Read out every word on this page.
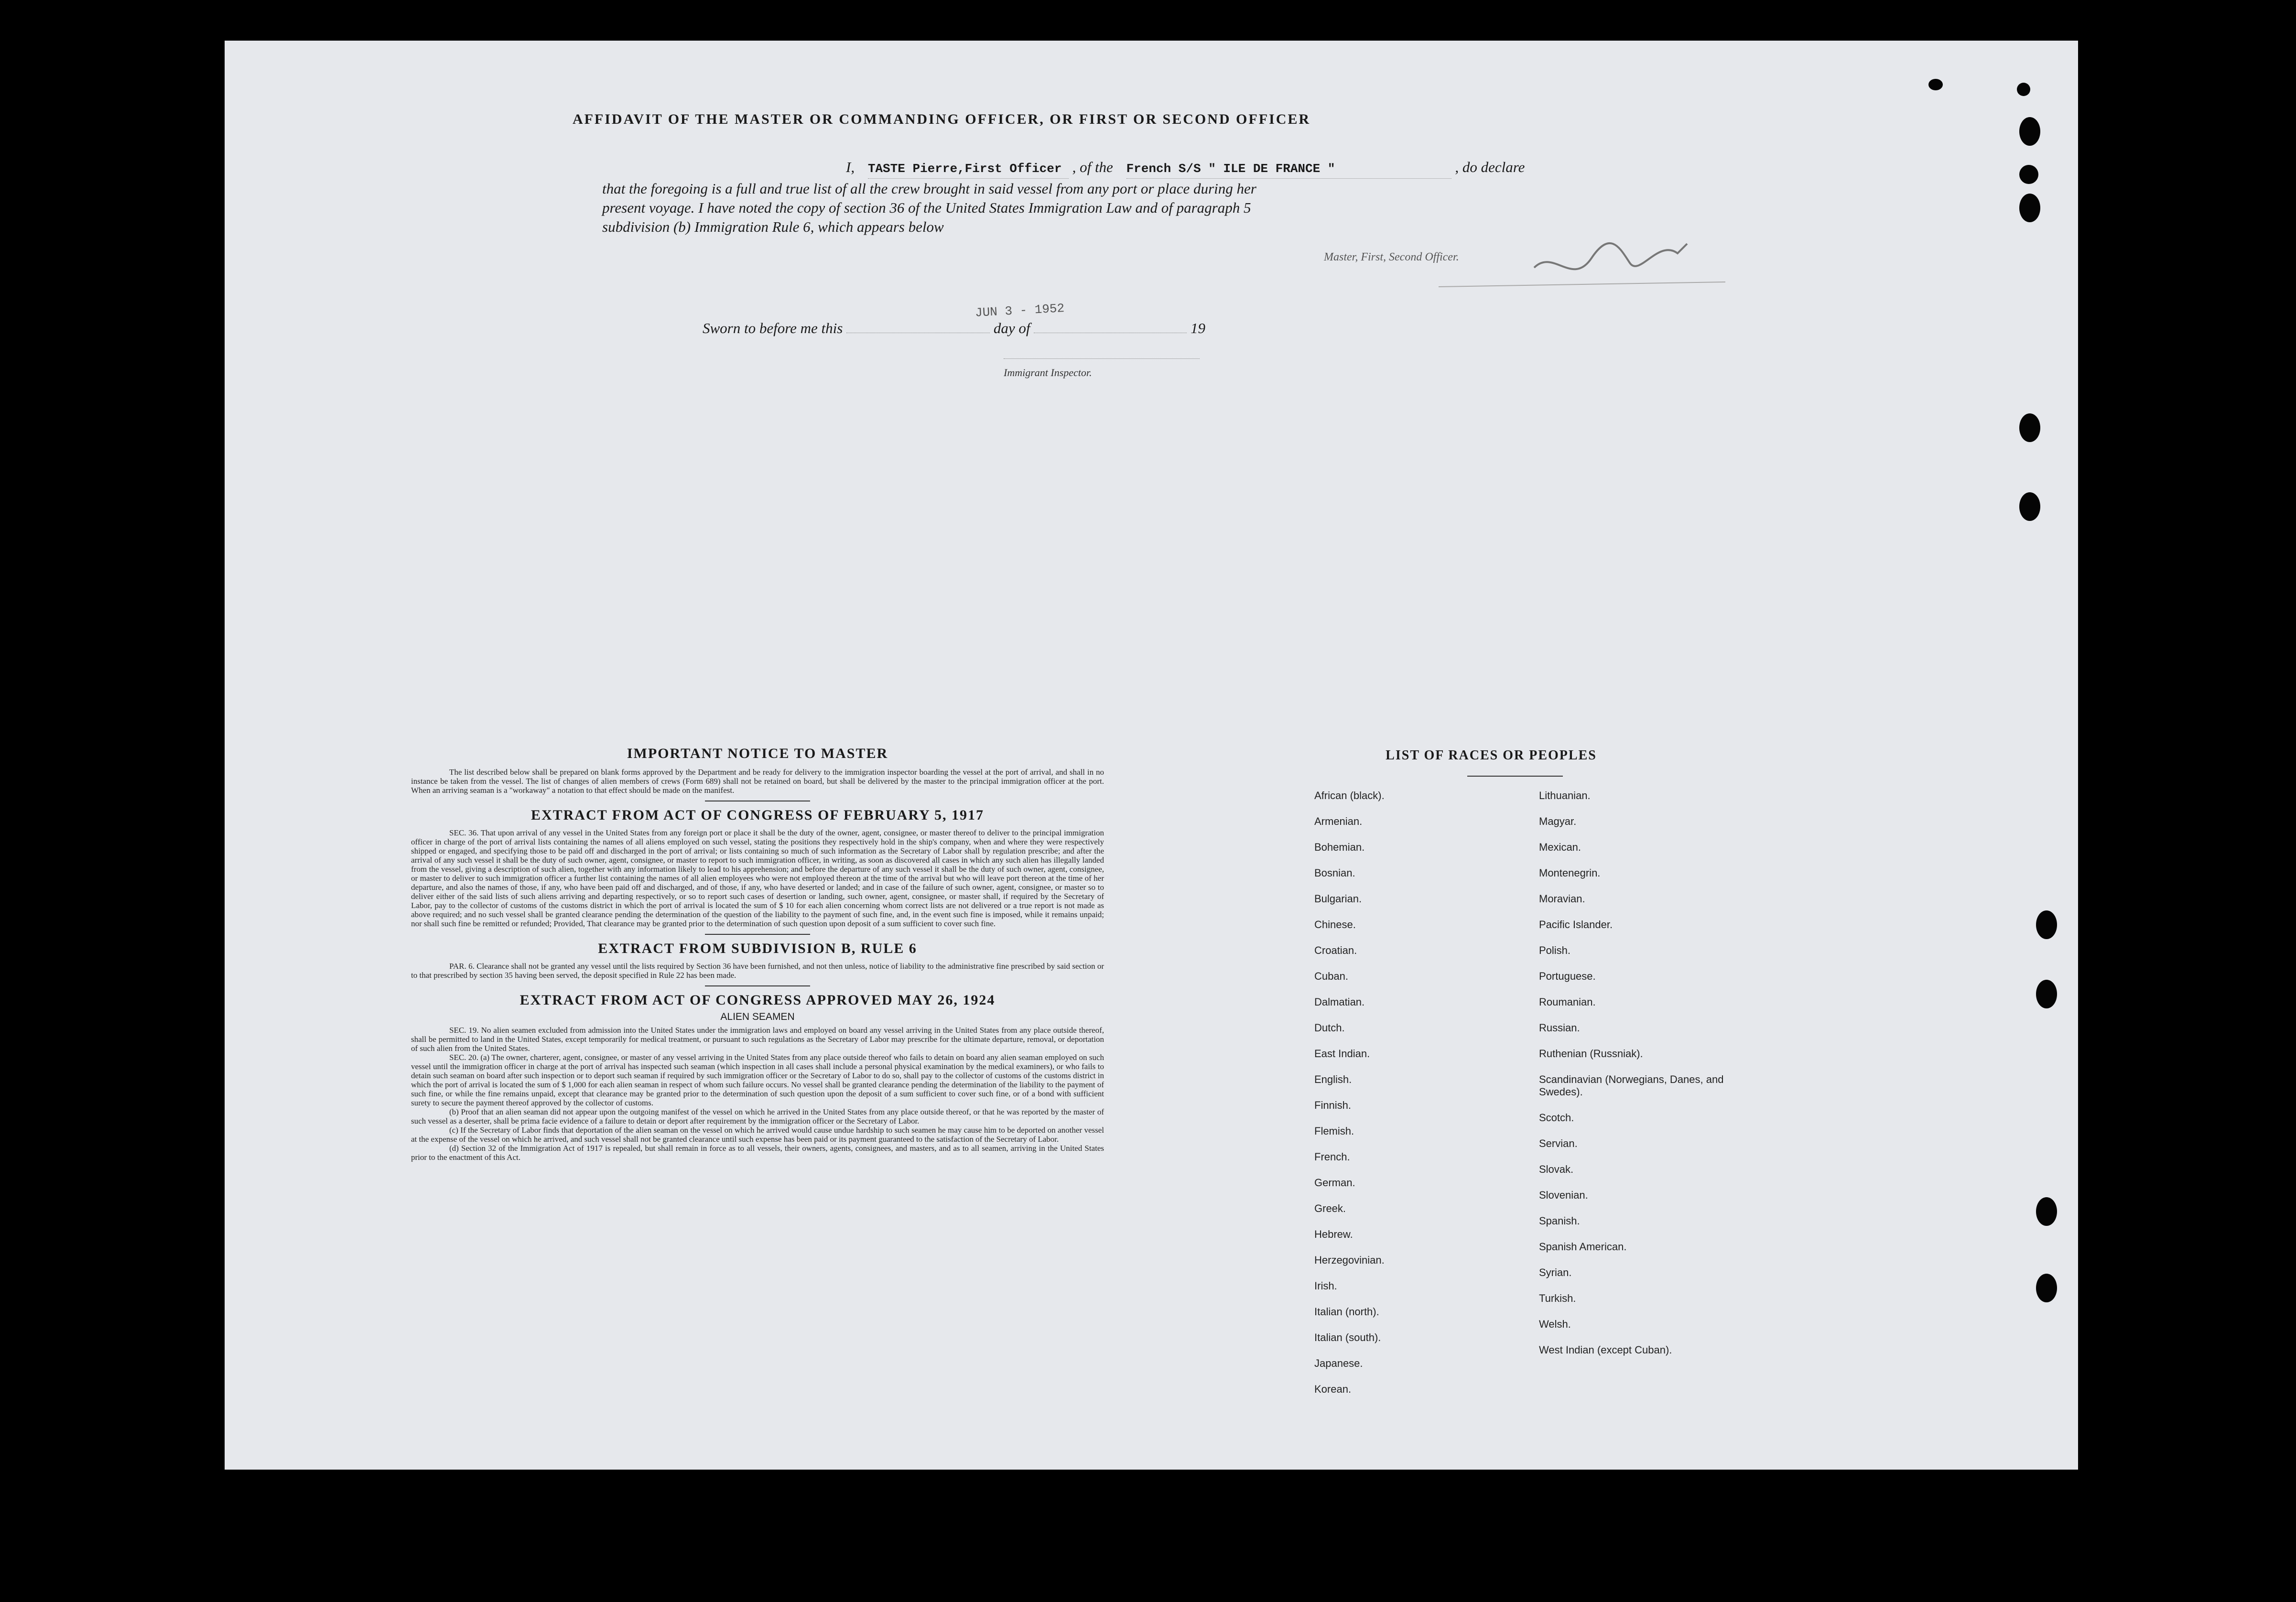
AFFIDAVIT OF THE MASTER OR COMMANDING OFFICER, OR FIRST OR SECOND OFFICER
I, TASTE Pierre,First Officer , of the French S/S " ILE DE FRANCE "	, do declare
that the foregoing is a full and true list of all the crew brought in said vessel from any port or place during her
present voyage. I have noted the copy of section 36 of the United States Immigration Law and of paragraph 5
subdivision (b) Immigration Rule 6, which appears below
Master, First, Second Officer.
Sworn to before me this	day of	19
JUN 3 - 1952
Immigrant Inspector.
IMPORTANT NOTICE TO MASTER
The list described below shall be prepared on blank forms approved by the Department and be ready for delivery to the immigration inspector boarding the vessel at the port of arrival, and shall in no instance be taken from the vessel. The list of changes of alien members of crews (Form 689) shall not be retained on board, but shall be delivered by the master to the principal immigration officer at the port. When an arriving seaman is a "workaway" a notation to that effect should be made on the manifest.
EXTRACT FROM ACT OF CONGRESS OF FEBRUARY 5, 1917
SEC. 36. That upon arrival of any vessel in the United States from any foreign port or place it shall be the duty of the owner, agent, consignee, or master thereof to deliver to the principal immigration officer in charge of the port of arrival lists containing the names of all aliens employed on such vessel, stating the positions they respectively hold in the ship's company, when and where they were respectively shipped or engaged, and specifying those to be paid off and discharged in the port of arrival; or lists containing so much of such information as the Secretary of Labor shall by regulation prescribe; and after the arrival of any such vessel it shall be the duty of such owner, agent, consignee, or master to report to such immigration officer, in writing, as soon as discovered all cases in which any such alien has illegally landed from the vessel, giving a description of such alien, together with any information likely to lead to his apprehension; and before the departure of any such vessel it shall be the duty of such owner, agent, consignee, or master to deliver to such immigration officer a further list containing the names of all alien employees who were not employed thereon at the time of the arrival but who will leave port thereon at the time of her departure, and also the names of those, if any, who have been paid off and discharged, and of those, if any, who have deserted or landed; and in case of the failure of such owner, agent, consignee, or master so to deliver either of the said lists of such aliens arriving and departing respectively, or so to report such cases of desertion or landing, such owner, agent, consignee, or master shall, if required by the Secretary of Labor, pay to the collector of customs of the customs district in which the port of arrival is located the sum of $ 10 for each alien concerning whom correct lists are not delivered or a true report is not made as above required; and no such vessel shall be granted clearance pending the determination of the question of the liability to the payment of such fine, and, in the event such fine is imposed, while it remains unpaid; nor shall such fine be remitted or refunded; Provided, That clearance may be granted prior to the determination of such question upon deposit of a sum sufficient to cover such fine.
EXTRACT FROM SUBDIVISION B, RULE 6
PAR. 6. Clearance shall not be granted any vessel until the lists required by Section 36 have been furnished, and not then unless, notice of liability to the administrative fine prescribed by said section or to that prescribed by section 35 having been served, the deposit specified in Rule 22 has been made.
EXTRACT FROM ACT OF CONGRESS APPROVED MAY 26, 1924
ALIEN SEAMEN
SEC. 19. No alien seamen excluded from admission into the United States under the immigration laws and employed on board any vessel arriving in the United States from any place outside thereof, shall be permitted to land in the United States, except temporarily for medical treatment, or pursuant to such regulations as the Secretary of Labor may prescribe for the ultimate departure, removal, or deportation of such alien from the United States.
SEC. 20. (a) The owner, charterer, agent, consignee, or master of any vessel arriving in the United States from any place outside thereof who fails to detain on board any alien seaman employed on such vessel until the immigration officer in charge at the port of arrival has inspected such seaman (which inspection in all cases shall include a personal physical examination by the medical examiners), or who fails to detain such seaman on board after such inspection or to deport such seaman if required by such immigration officer or the Secretary of Labor to do so, shall pay to the collector of customs of the customs district in which the port of arrival is located the sum of $ 1,000 for each alien seaman in respect of whom such failure occurs. No vessel shall be granted clearance pending the determination of the liability to the payment of such fine, or while the fine remains unpaid, except that clearance may be granted prior to the determination of such question upon the deposit of a sum sufficient to cover such fine, or of a bond with sufficient surety to secure the payment thereof approved by the collector of customs.
(b) Proof that an alien seaman did not appear upon the outgoing manifest of the vessel on which he arrived in the United States from any place outside thereof, or that he was reported by the master of such vessel as a deserter, shall be prima facie evidence of a failure to detain or deport after requirement by the immigration officer or the Secretary of Labor.
(c) If the Secretary of Labor finds that deportation of the alien seaman on the vessel on which he arrived would cause undue hardship to such seamen he may cause him to be deported on another vessel at the expense of the vessel on which he arrived, and such vessel shall not be granted clearance until such expense has been paid or its payment guaranteed to the satisfaction of the Secretary of Labor.
(d) Section 32 of the Immigration Act of 1917 is repealed, but shall remain in force as to all vessels, their owners, agents, consignees, and masters, and as to all seamen, arriving in the United States prior to the enactment of this Act.
LIST OF RACES OR PEOPLES
African (black).
Armenian.
Bohemian.
Bosnian.
Bulgarian.
Chinese.
Croatian.
Cuban.
Dalmatian.
Dutch.
East Indian.
English.
Finnish.
Flemish.
French.
German.
Greek.
Hebrew.
Herzegovinian.
Irish.
Italian (north).
Italian (south).
Japanese.
Korean.
Lithuanian.
Magyar.
Mexican.
Montenegrin.
Moravian.
Pacific Islander.
Polish.
Portuguese.
Roumanian.
Russian.
Ruthenian (Russniak).
Scandinavian (Norwegians, Danes, and Swedes).
Scotch.
Servian.
Slovak.
Slovenian.
Spanish.
Spanish American.
Syrian.
Turkish.
Welsh.
West Indian (except Cuban).
